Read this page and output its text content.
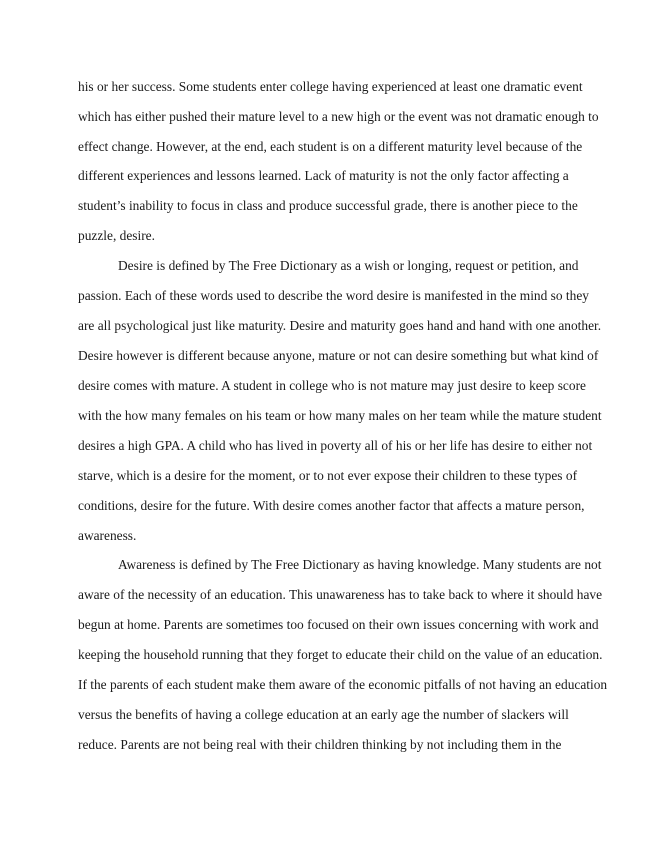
his or her success. Some students enter college having experienced at least one dramatic event
which has either pushed their mature level to a new high or the event was not dramatic enough to
effect change. However, at the end, each student is on a different maturity level because of the
different experiences and lessons learned. Lack of maturity is not the only factor affecting a
student’s inability to focus in class and produce successful grade, there is another piece to the
puzzle, desire.
Desire is defined by The Free Dictionary as a wish or longing, request or petition, and
passion. Each of these words used to describe the word desire is manifested in the mind so they
are all psychological just like maturity. Desire and maturity goes hand and hand with one another.
Desire however is different because anyone, mature or not can desire something but what kind of
desire comes with mature. A student in college who is not mature may just desire to keep score
with the how many females on his team or how many males on her team while the mature student
desires a high GPA. A child who has lived in poverty all of his or her life has desire to either not
starve, which is a desire for the moment, or to not ever expose their children to these types of
conditions, desire for the future. With desire comes another factor that affects a mature person,
awareness.
Awareness is defined by The Free Dictionary as having knowledge. Many students are not
aware of the necessity of an education. This unawareness has to take back to where it should have
begun at home. Parents are sometimes too focused on their own issues concerning with work and
keeping the household running that they forget to educate their child on the value of an education.
If the parents of each student make them aware of the economic pitfalls of not having an education
versus the benefits of having a college education at an early age the number of slackers will
reduce. Parents are not being real with their children thinking by not including them in the
